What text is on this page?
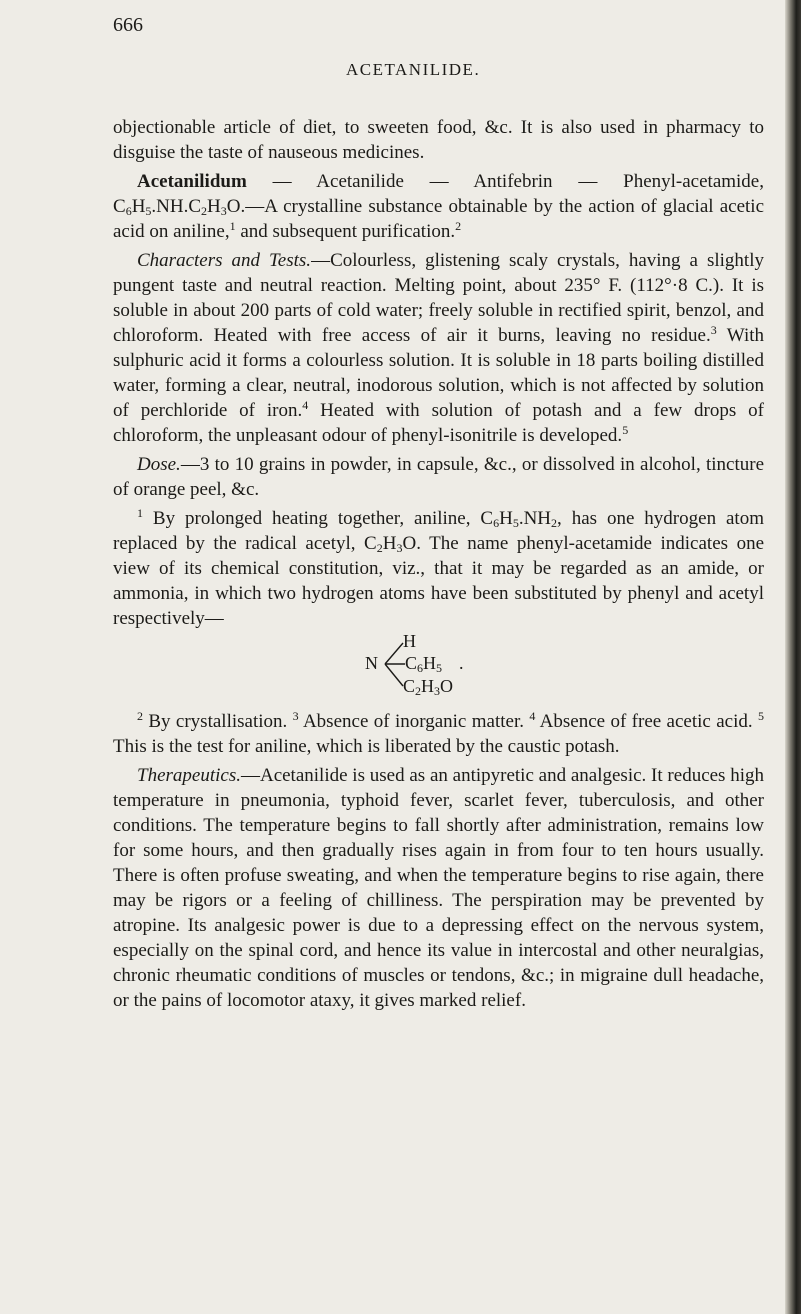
666
ACETANILIDE.

objectionable article of diet, to sweeten food, &c. It is also used in pharmacy to disguise the taste of nauseous medicines.

Acetanilidum — Acetanilide — Antifebrin — Phenyl-acetamide, $C_6H_5.NH.C_2H_3O.—A$ crystalline substance obtainable by the action of glacial acetic acid on aniline,$^1$ and subsequent purification.$^2$

Characters and Tests.—Colourless, glistening scaly crystals, having a slightly pungent taste and neutral reaction. Melting point, about 235° F. (112°·8 C.). It is soluble in about 200 parts of cold water; freely soluble in rectified spirit, benzol, and chloroform. Heated with free access of air it burns, leaving no residue.$^3$ With sulphuric acid it forms a colourless solution. It is soluble in 18 parts boiling distilled water, forming a clear, neutral, inodorous solution, which is not affected by solution of perchloride of iron.$^4$ Heated with solution of potash and a few drops of chloroform, the unpleasant odour of phenyl-isonitrile is developed.$^5$

Dose.—3 to 10 grains in powder, in capsule, &c., or dissolved in alcohol, tincture of orange peel, &c.

$^1$ By prolonged heating together, aniline, $C_6H_5.NH_2$, has one hydrogen atom replaced by the radical acetyl, $C_2H_3O$. The name phenyl-acetamide indicates one view of its chemical constitution, viz., that it may be regarded as an amide, or ammonia, in which two hydrogen atoms have been substituted by phenyl and acetyl respectively—

N
H
$C_6H_5$ .
$C_2H_3O$

$^2$ By crystallisation. $^3$ Absence of inorganic matter. $^4$ Absence of free acetic acid. $^5$ This is the test for aniline, which is liberated by the caustic potash.

Therapeutics.—Acetanilide is used as an antipyretic and analgesic. It reduces high temperature in pneumonia, typhoid fever, scarlet fever, tuberculosis, and other conditions. The temperature begins to fall shortly after administration, remains low for some hours, and then gradually rises again in from four to ten hours usually. There is often profuse sweating, and when the temperature begins to rise again, there may be rigors or a feeling of chilliness. The perspiration may be prevented by atropine. Its analgesic power is due to a depressing effect on the nervous system, especially on the spinal cord, and hence its value in intercostal and other neuralgias, chronic rheumatic conditions of muscles or tendons, &c.; in migraine dull headache, or the pains of locomotor ataxy, it gives marked relief.
